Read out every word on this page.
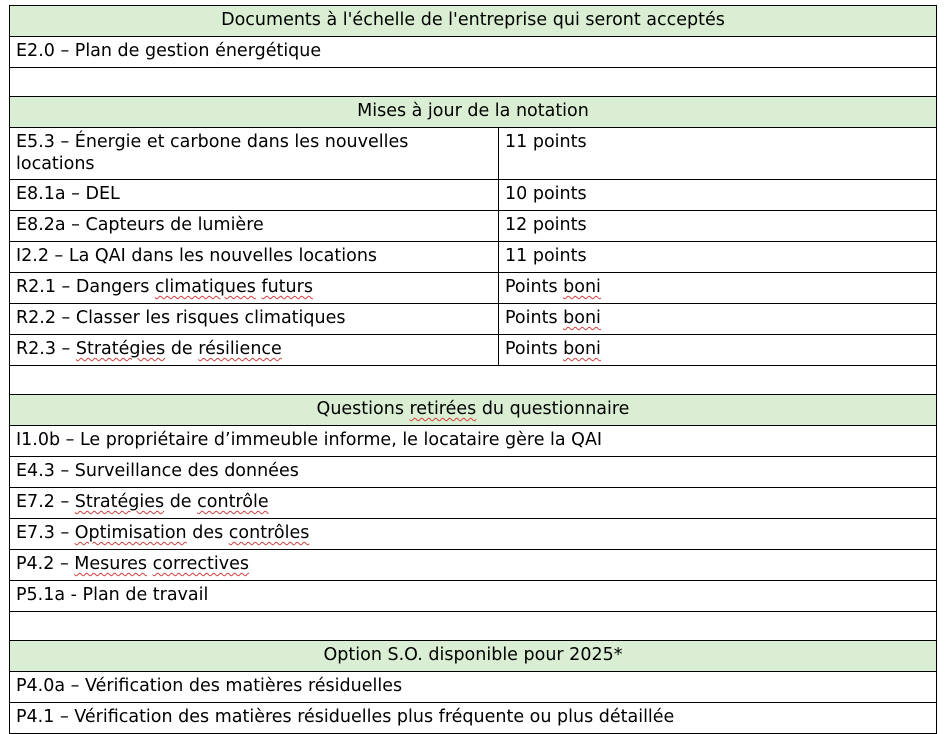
Documents à l'échelle de l'entreprise qui seront acceptés	
E2.0 – Plan de gestion énergétique	

Mises à jour de la notation	
E5.3 – Énergie et carbone dans les nouvelles locations	11 points
E8.1a – DEL	10 points
E8.2a – Capteurs de lumière	12 points
I2.2 – La QAI dans les nouvelles locations	11 points
R2.1 – Dangers climatiques futurs	Points boni
R2.2 – Classer les risques climatiques	Points boni
R2.3 – Stratégies de résilience	Points boni

Questions retirées du questionnaire	
I1.0b – Le propriétaire d’immeuble informe, le locataire gère la QAI	
E4.3 – Surveillance des données	
E7.2 – Stratégies de contrôle	
E7.3 – Optimisation des contrôles	
P4.2 – Mesures correctives	
P5.1a - Plan de travail	

Option S.O. disponible pour 2025*	
P4.0a – Vérification des matières résiduelles	
P4.1 – Vérification des matières résiduelles plus fréquente ou plus détaillée	
